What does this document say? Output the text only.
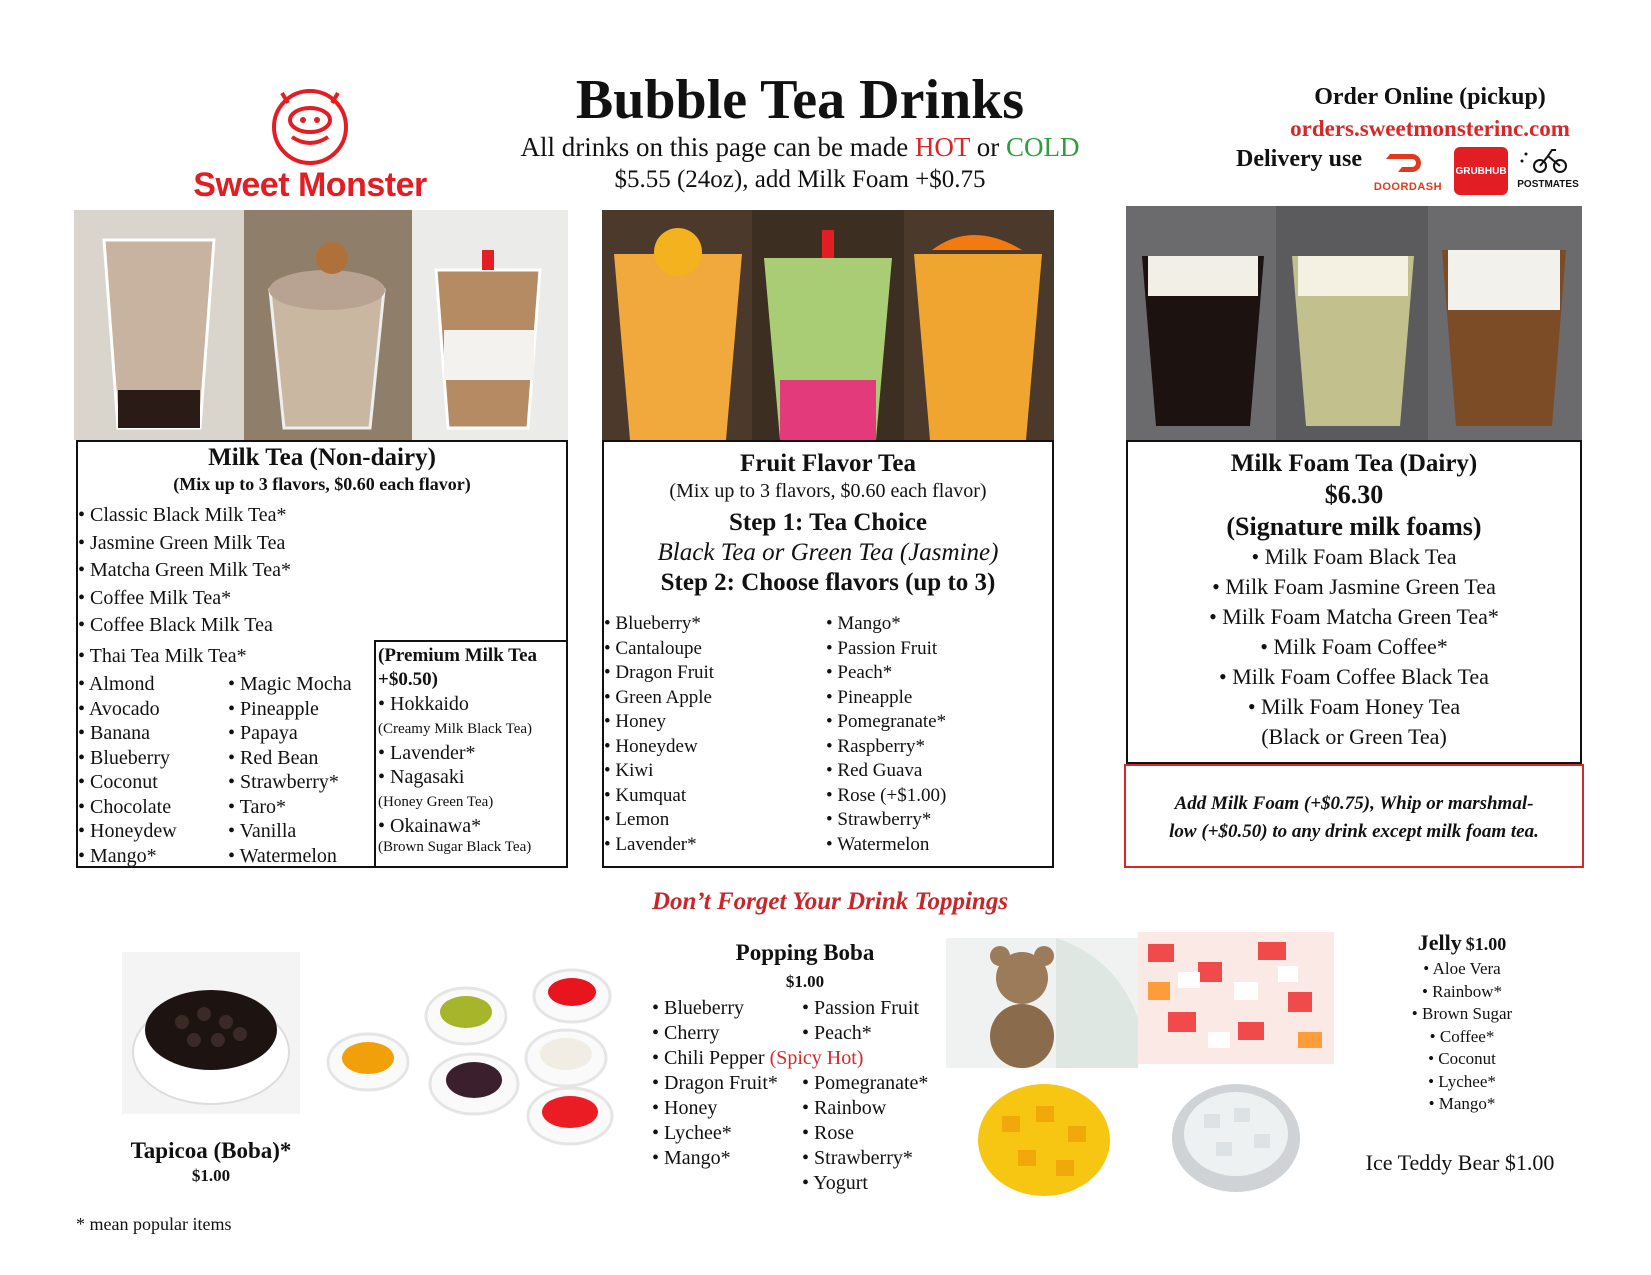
Sweet Monster
Bubble Tea Drinks
All drinks on this page can be made HOT or COLD
$5.55 (24oz), add Milk Foam +$0.75
Order Online (pickup)
orders.sweetmonsterinc.com
Delivery use
DOORDASH
GRUBHUB
POSTMATES
Milk Tea (Non-dairy)
(Mix up to 3 flavors, $0.60 each flavor)
• Classic Black Milk Tea*
• Jasmine Green Milk Tea
• Matcha Green Milk Tea*
• Coffee Milk Tea*
• Coffee Black Milk Tea
• Thai Tea Milk Tea*
• Almond
• Avocado
• Banana
• Blueberry
• Coconut
• Chocolate
• Honeydew
• Mango*
• Magic Mocha
• Pineapple
• Papaya
• Red Bean
• Strawberry*
• Taro*
• Vanilla
• Watermelon
(Premium Milk Tea
+$0.50)
• Hokkaido
(Creamy Milk Black Tea)
• Lavender*
• Nagasaki
(Honey Green Tea)
• Okainawa*
(Brown Sugar Black Tea)
Fruit Flavor Tea
(Mix up to 3 flavors, $0.60 each flavor)
Step 1: Tea Choice
Black Tea or Green Tea (Jasmine)
Step 2: Choose flavors (up to 3)
• Blueberry*
• Cantaloupe
• Dragon Fruit
• Green Apple
• Honey
• Honeydew
• Kiwi
• Kumquat
• Lemon
• Lavender*
• Mango*
• Passion Fruit
• Peach*
• Pineapple
• Pomegranate*
• Raspberry*
• Red Guava
• Rose (+$1.00)
• Strawberry*
• Watermelon
Milk Foam Tea (Dairy)
$6.30
(Signature milk foams)
• Milk Foam Black Tea
• Milk Foam Jasmine Green Tea
• Milk Foam Matcha Green Tea*
• Milk Foam Coffee*
• Milk Foam Coffee Black Tea
• Milk Foam Honey Tea
(Black or Green Tea)
Add Milk Foam (+$0.75), Whip or marshmal-
low (+$0.50) to any drink except milk foam tea.
Don’t Forget Your Drink Toppings
Tapicoa (Boba)*
$1.00
Popping Boba
$1.00
• Blueberry
• Cherry
• Chili Pepper (Spicy Hot)
• Dragon Fruit*
• Honey
• Lychee*
• Mango*
• Passion Fruit
• Peach*
• Pomegranate*
• Rainbow
• Rose
• Strawberry*
• Yogurt
Jelly $1.00
• Aloe Vera
• Rainbow*
• Brown Sugar
• Coffee*
• Coconut
• Lychee*
• Mango*
Ice Teddy Bear $1.00
* mean popular items
